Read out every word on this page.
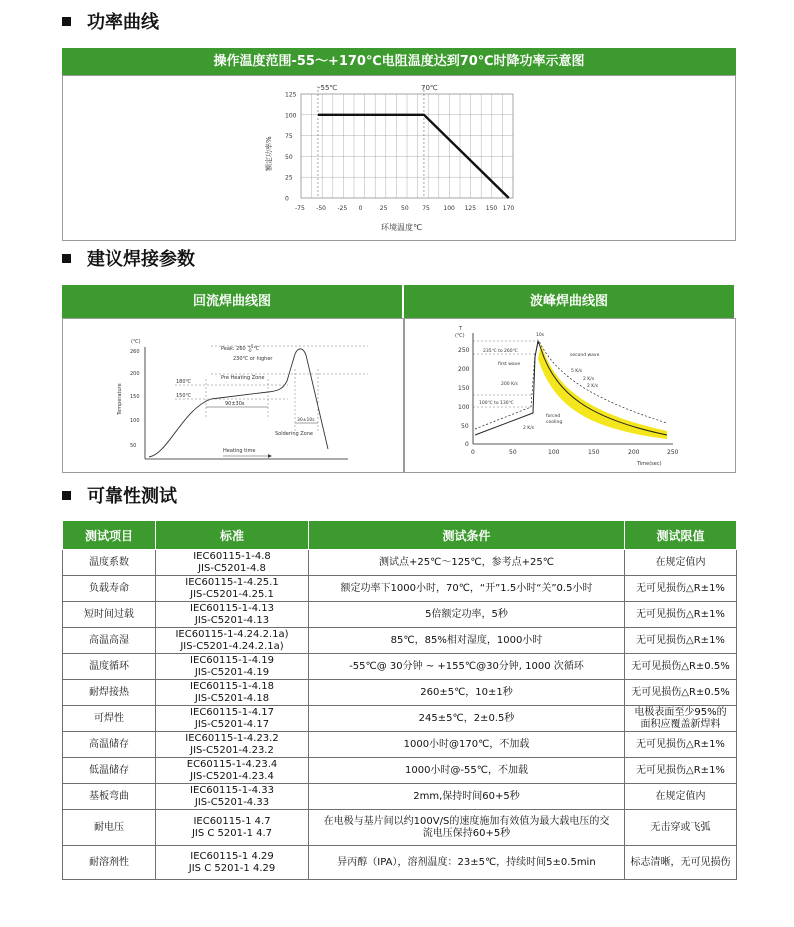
功率曲线
操作温度范围-55～+170℃电阻温度达到70℃时降功率示意图
125
100
75
50
25
0
-75 -50 -25 0	25 50 75 100 125 150 170
-55℃	70℃
额定功率%
环境温度℃
建议焊接参数
回流焊曲线图	波峰焊曲线图
(℃)
260
200
150
100
50
Temperature
Peak: 260 $^{+5}$ -0 ℃
230℃ or higher
Pre Heating Zone
180℃
150℃
90±30s
30±10s
Soldering Zone
Heating time
T
(℃)
250
200
150
100
50
0
0	50	100	150	200	250
Time(sec)
235℃ to 260℃
10s
first wave
second wave
5 K/s
200 K/s	2 K/s
2 K/s
100℃ to 130℃
forced
cooling
2 K/s
可靠性测试
测试项目	标准	测试条件	测试限值
温度系数	IEC60115-1-4.8
JIS-C5201-4.8	测试点+25℃～125℃，参考点+25℃	在规定值内

负载寿命	IEC60115-1-4.25.1
JIS-C5201-4.25.1	额定功率下1000小时，70℃，“开”1.5小时“关”0.5小时	无可见损伤△R±1%

短时间过载	IEC60115-1-4.13
JIS-C5201-4.13	5倍额定功率，5秒	无可见损伤△R±1%

高温高湿	IEC60115-1-4.24.2.1a)
JIS-C5201-4.24.2.1a)	85℃，85%相对湿度，1000小时	无可见损伤△R±1%

温度循环	IEC60115-1-4.19
JIS-C5201-4.19	-55℃@ 30分钟 ~ +155℃@30分钟, 1000 次循环	无可见损伤△R±0.5%

耐焊接热	IEC60115-1-4.18
JIS-C5201-4.18	260±5℃，10±1秒	无可见损伤△R±0.5%

可焊性	IEC60115-1-4.17
JIS-C5201-4.17	245±5℃，2±0.5秒	电极表面至少95%的
面积应覆盖新焊料

高温储存	IEC60115-1-4.23.2
JIS-C5201-4.23.2	1000小时@170℃，不加载	无可见损伤△R±1%

低温储存	EC60115-1-4.23.4
JIS-C5201-4.23.4	1000小时@-55℃，不加载	无可见损伤△R±1%

基板弯曲	IEC60115-1-4.33
JIS-C5201-4.33	2mm,保持时间60+5秒	在规定值内

耐电压	IEC60115-1 4.7
JIS C 5201-1 4.7	在电极与基片间以约100V/S的速度施加有效值为最大载电压的交
流电压保持60+5秒	无击穿或飞弧

耐溶剂性	IEC60115-1 4.29
JIS C 5201-1 4.29	异丙醇（IPA），溶剂温度：23±5℃，持续时间5±0.5min	标志清晰，无可见损伤
